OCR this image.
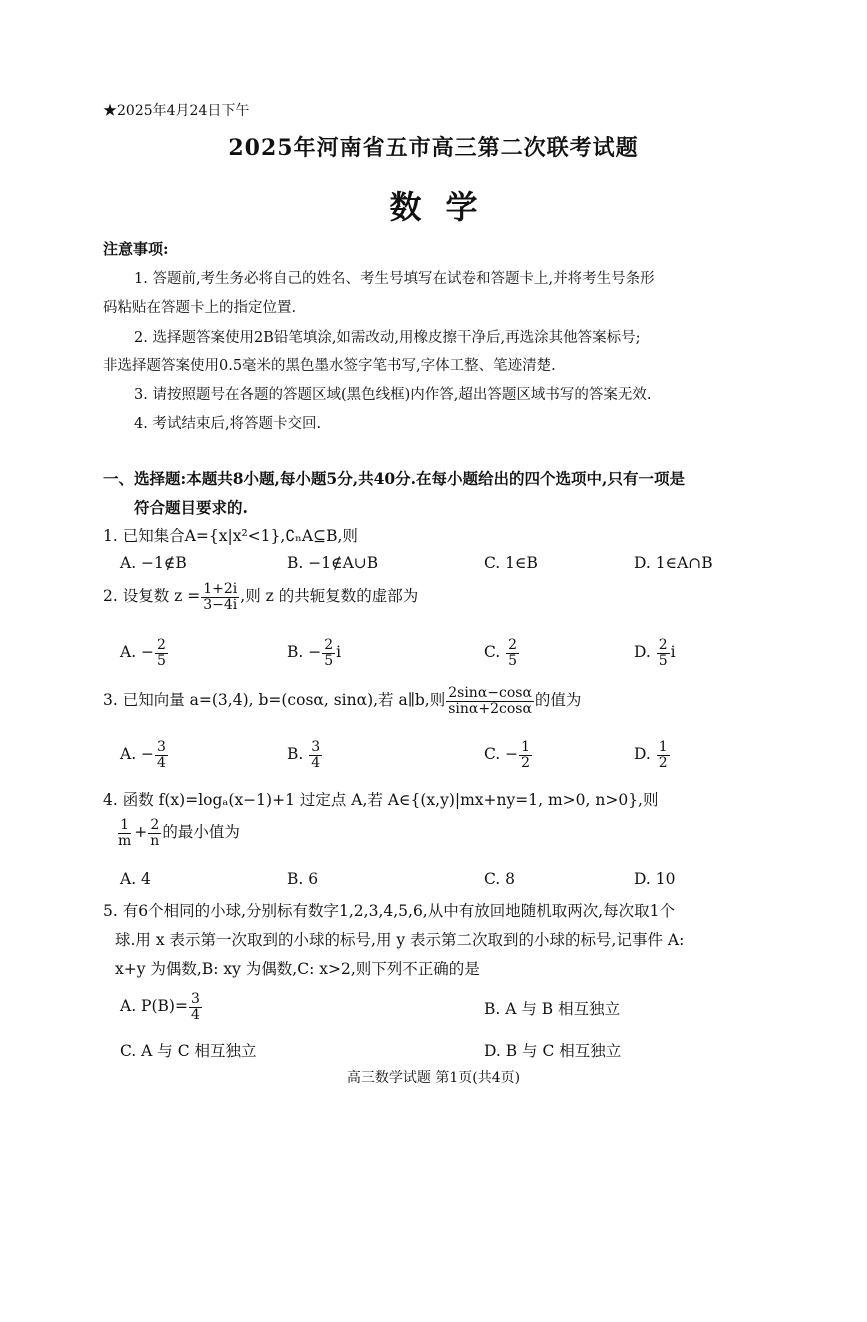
★2025年4月24日下午
2025年河南省五市高三第二次联考试题
数学
注意事项:
1. 答题前,考生务必将自己的姓名、考生号填写在试卷和答题卡上,并将考生号条形
码粘贴在答题卡上的指定位置.
2. 选择题答案使用2B铅笔填涂,如需改动,用橡皮擦干净后,再选涂其他答案标号;
非选择题答案使用0.5毫米的黑色墨水签字笔书写,字体工整、笔迹清楚.
3. 请按照题号在各题的答题区域(黑色线框)内作答,超出答题区域书写的答案无效.
4. 考试结束后,将答题卡交回.
一、选择题:本题共8小题,每小题5分,共40分.在每小题给出的四个选项中,只有一项是
符合题目要求的.
1. 已知集合A={x|x²<1},∁ₙA⊆B,则
A. −1∉B	B. −1∉A∪B	C. 1∈B	D. 1∈A∩B
2. 设复数 $z = \frac{1+2i}{3-4i}$ ,则 z 的共轭复数的虚部为
A. − $\frac{2}{5}$	B. − $\frac{2}{5}$ i	C. $\frac{2}{5}$	D. $\frac{2}{5}$ i
3. 已知向量 a=(3,4), b=(cosα, sinα),若 a∥b,则 $\frac{2\sin\alpha-\cos\alpha}{\sin\alpha+2\cos\alpha}$ 的值为
A. − $\frac{3}{4}$	B. $\frac{3}{4}$	C. − $\frac{1}{2}$	D. $\frac{1}{2}$
4. 函数 f(x)=logₐ(x−1)+1 过定点 A,若 A∈{(x,y)|mx+ny=1, m>0, n>0},则
$\frac{1}{m} + \frac{2}{n}$ 的最小值为
A. 4	B. 6	C. 8	D. 10
5. 有6个相同的小球,分别标有数字1,2,3,4,5,6,从中有放回地随机取两次,每次取1个
球.用 x 表示第一次取到的小球的标号,用 y 表示第二次取到的小球的标号,记事件 A:
x+y 为偶数,B: xy 为偶数,C: x>2,则下列不正确的是
A. $P(B)= \frac{3}{4}$	B. A 与 B 相互独立
C. A 与 C 相互独立	D. B 与 C 相互独立
高三数学试题 第1页(共4页)
